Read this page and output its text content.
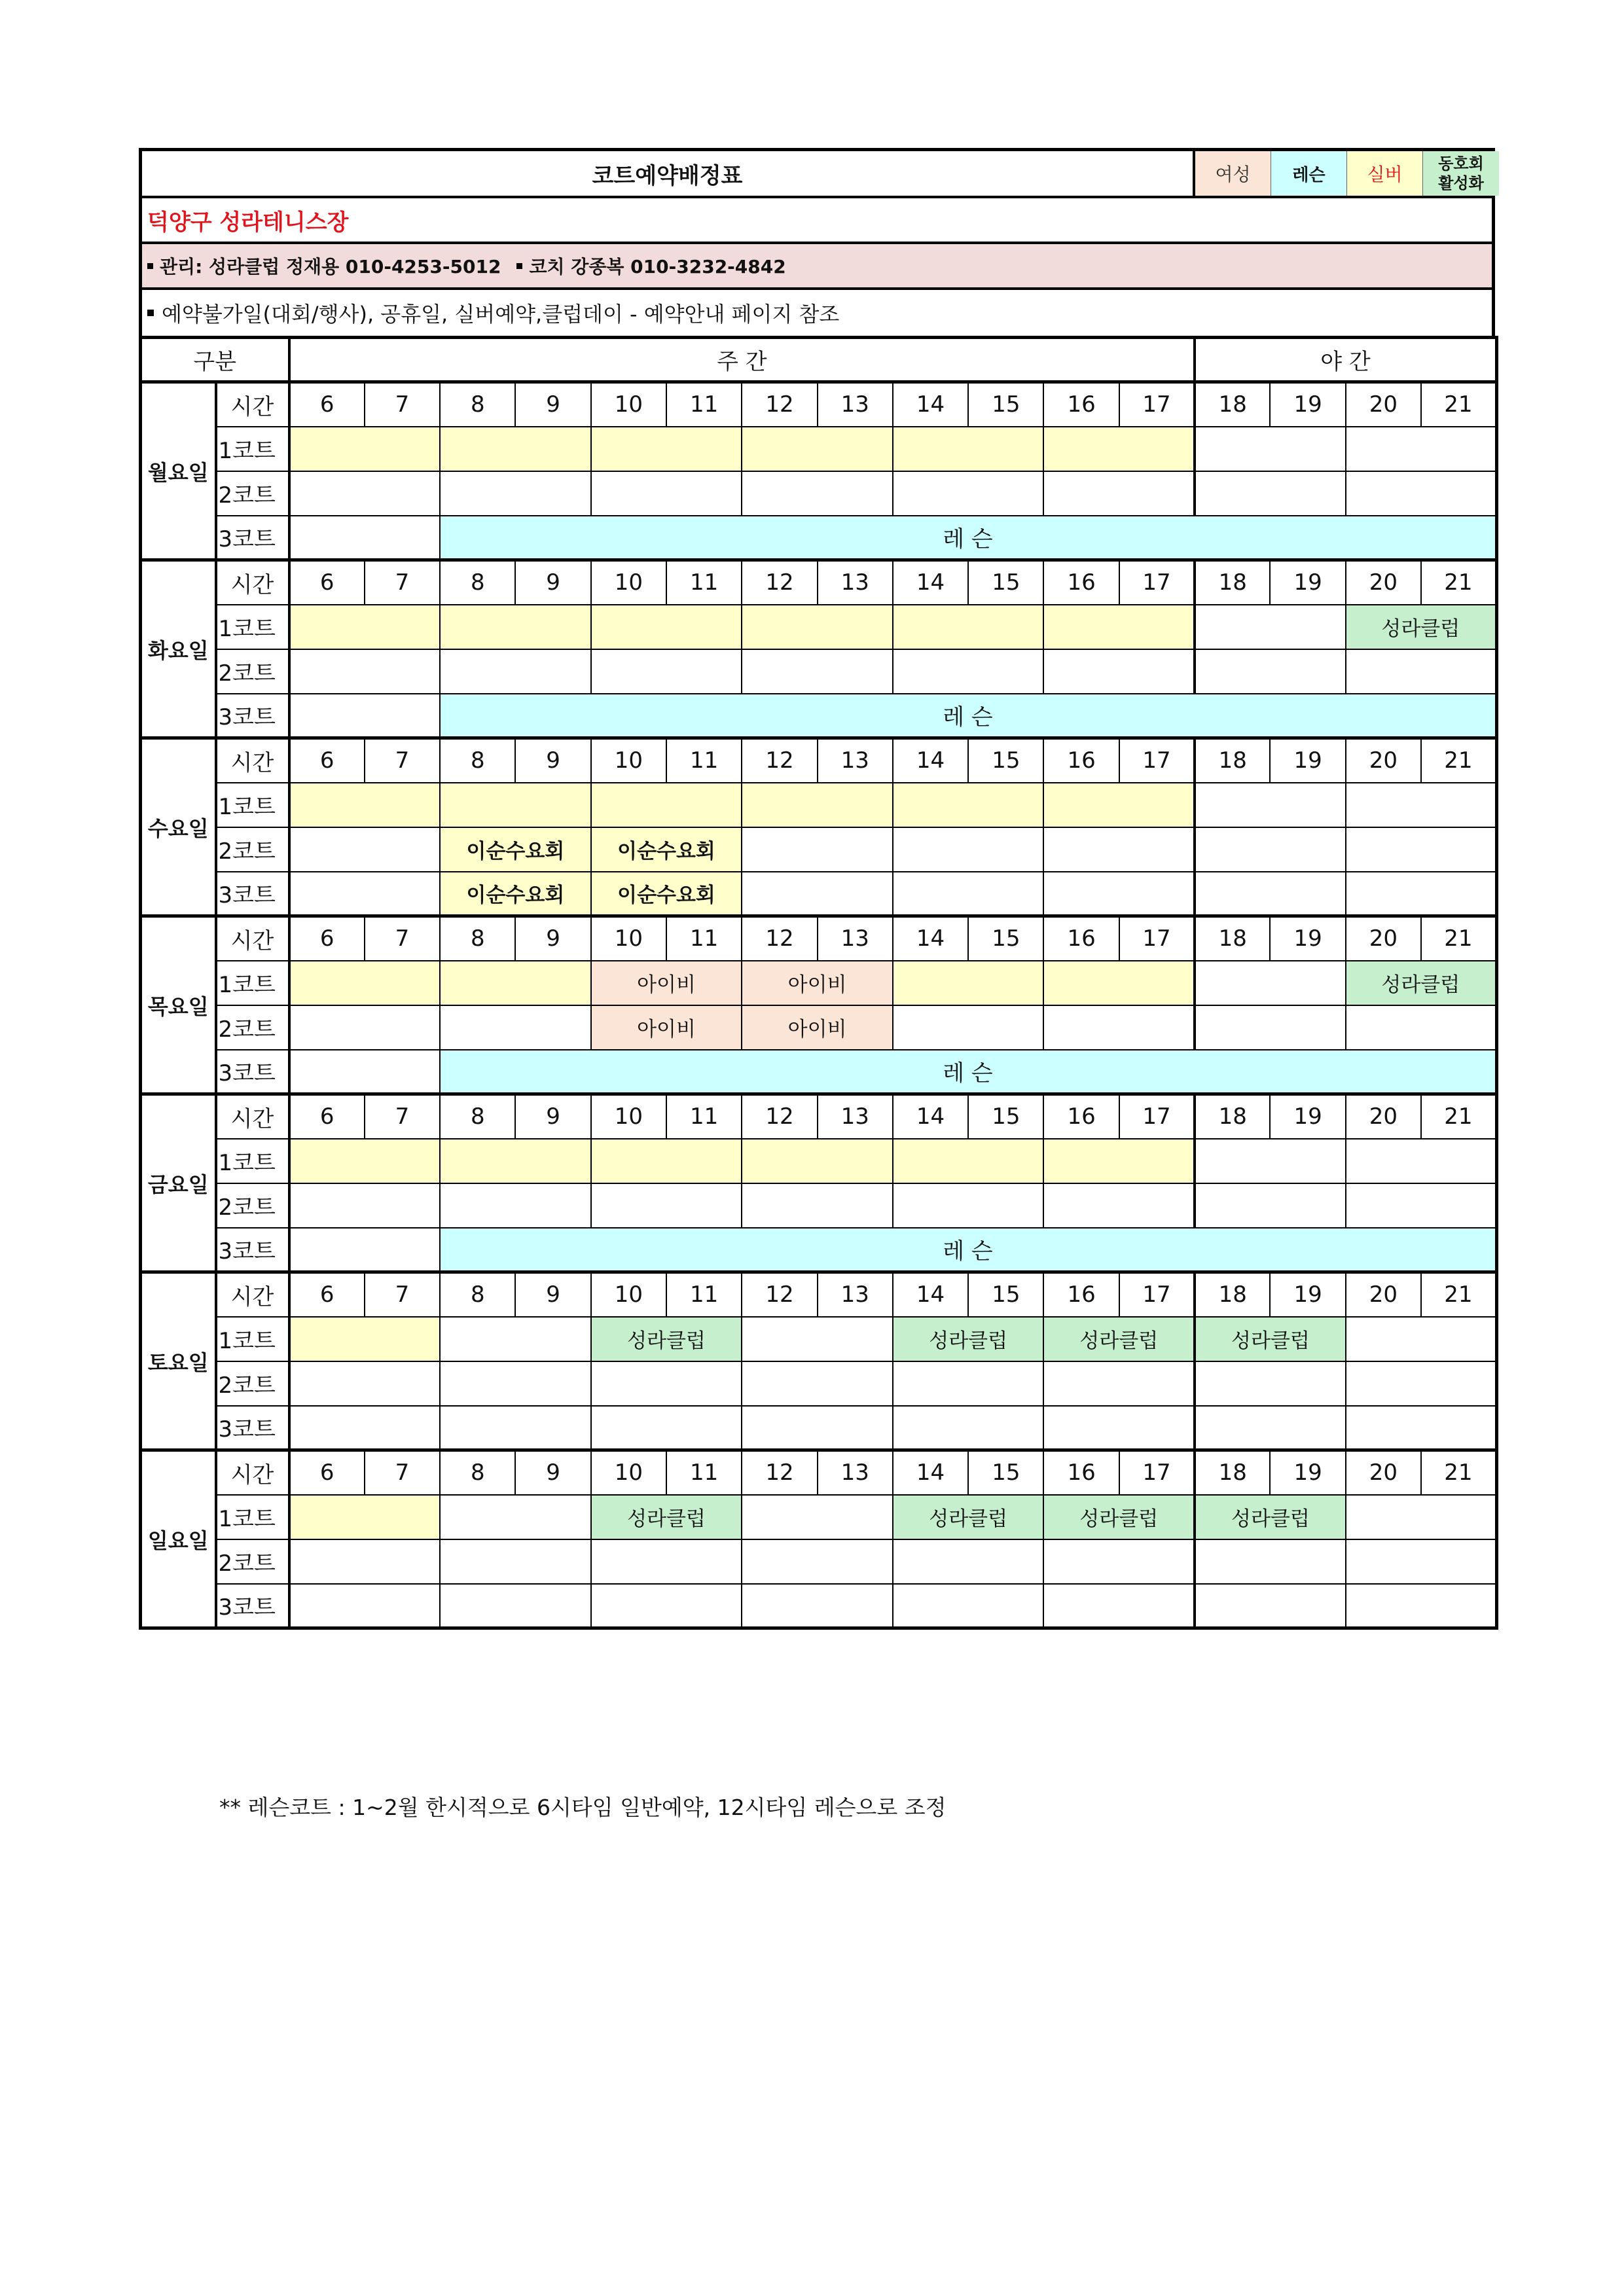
코트예약배정표	여성 레슨 실버	동호회 활성화
덕양구 성라테니스장
관리: 성라클럽 정재용 010-4253-5012 코치 강종복 010-3232-4842
예약불가일(대회/행사), 공휴일, 실버예약,클럽데이 - 예약안내 페이지 참조
구분		주 간												야 간			
월요일	시간	6	7	8	9	10	11	12	13	14	15	16	17	18	19	20	21
	1코트																
	2코트																
	3코트			레 슨													
화요일	시간	6	7	8	9	10	11	12	13	14	15	16	17	18	19	20	21
	1코트															성라클럽	
	2코트																
	3코트			레 슨													
수요일	시간	6	7	8	9	10	11	12	13	14	15	16	17	18	19	20	21
	1코트																
	2코트			이순수요회		이순수요회											
	3코트			이순수요회		이순수요회											
목요일	시간	6	7	8	9	10	11	12	13	14	15	16	17	18	19	20	21
	1코트					아이비		아이비								성라클럽	
	2코트					아이비		아이비									
	3코트			레 슨													
금요일	시간	6	7	8	9	10	11	12	13	14	15	16	17	18	19	20	21
	1코트																
	2코트																
	3코트			레 슨													
토요일	시간	6	7	8	9	10	11	12	13	14	15	16	17	18	19	20	21
	1코트					성라클럽				성라클럽		성라클럽		성라클럽			
	2코트																
	3코트																
일요일	시간	6	7	8	9	10	11	12	13	14	15	16	17	18	19	20	21
	1코트					성라클럽				성라클럽		성라클럽		성라클럽			
	2코트																
	3코트																
** 레슨코트 : 1~2월 한시적으로 6시타임 일반예약, 12시타임 레슨으로 조정
